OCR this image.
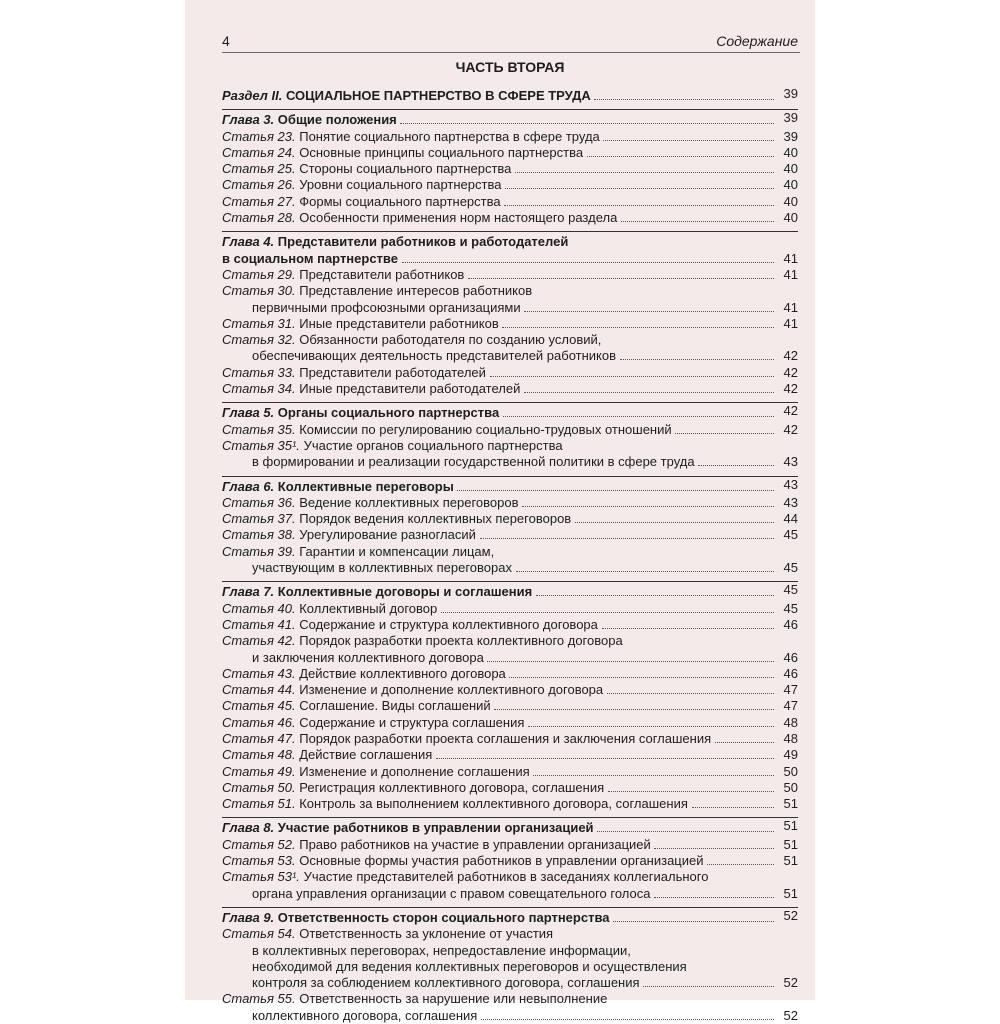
4	Содержание
ЧАСТЬ ВТОРАЯ
Раздел II. СОЦИАЛЬНОЕ ПАРТНЕРСТВО В СФЕРЕ ТРУДА	39
Глава 3. Общие положения	39
Статья 23. Понятие социального партнерства в сфере труда	39
Статья 24. Основные принципы социального партнерства	40
Статья 25. Стороны социального партнерства	40
Статья 26. Уровни социального партнерства	40
Статья 27. Формы социального партнерства	40
Статья 28. Особенности применения норм настоящего раздела	40
Глава 4. Представители работников и работодателей
в социальном партнерстве	41
Статья 29. Представители работников	41
Статья 30. Представление интересов работников
первичными профсоюзными организациями	41
Статья 31. Иные представители работников	41
Статья 32. Обязанности работодателя по созданию условий,
обеспечивающих деятельность представителей работников	42
Статья 33. Представители работодателей	42
Статья 34. Иные представители работодателей	42
Глава 5. Органы социального партнерства	42
Статья 35. Комиссии по регулированию социально-трудовых отношений	42
Статья 35¹. Участие органов социального партнерства
в формировании и реализации государственной политики в сфере труда	43
Глава 6. Коллективные переговоры	43
Статья 36. Ведение коллективных переговоров	43
Статья 37. Порядок ведения коллективных переговоров	44
Статья 38. Урегулирование разногласий	45
Статья 39. Гарантии и компенсации лицам,
участвующим в коллективных переговорах	45
Глава 7. Коллективные договоры и соглашения	45
Статья 40. Коллективный договор	45
Статья 41. Содержание и структура коллективного договора	46
Статья 42. Порядок разработки проекта коллективного договора
и заключения коллективного договора	46
Статья 43. Действие коллективного договора	46
Статья 44. Изменение и дополнение коллективного договора	47
Статья 45. Соглашение. Виды соглашений	47
Статья 46. Содержание и структура соглашения	48
Статья 47. Порядок разработки проекта соглашения и заключения соглашения	48
Статья 48. Действие соглашения	49
Статья 49. Изменение и дополнение соглашения	50
Статья 50. Регистрация коллективного договора, соглашения	50
Статья 51. Контроль за выполнением коллективного договора, соглашения	51
Глава 8. Участие работников в управлении организацией	51
Статья 52. Право работников на участие в управлении организацией	51
Статья 53. Основные формы участия работников в управлении организацией	51
Статья 53¹. Участие представителей работников в заседаниях коллегиального
органа управления организации с правом совещательного голоса	51
Глава 9. Ответственность сторон социального партнерства	52
Статья 54. Ответственность за уклонение от участия
в коллективных переговорах, непредоставление информации,
необходимой для ведения коллективных переговоров и осуществления
контроля за соблюдением коллективного договора, соглашения	52
Статья 55. Ответственность за нарушение или невыполнение
коллективного договора, соглашения	52
